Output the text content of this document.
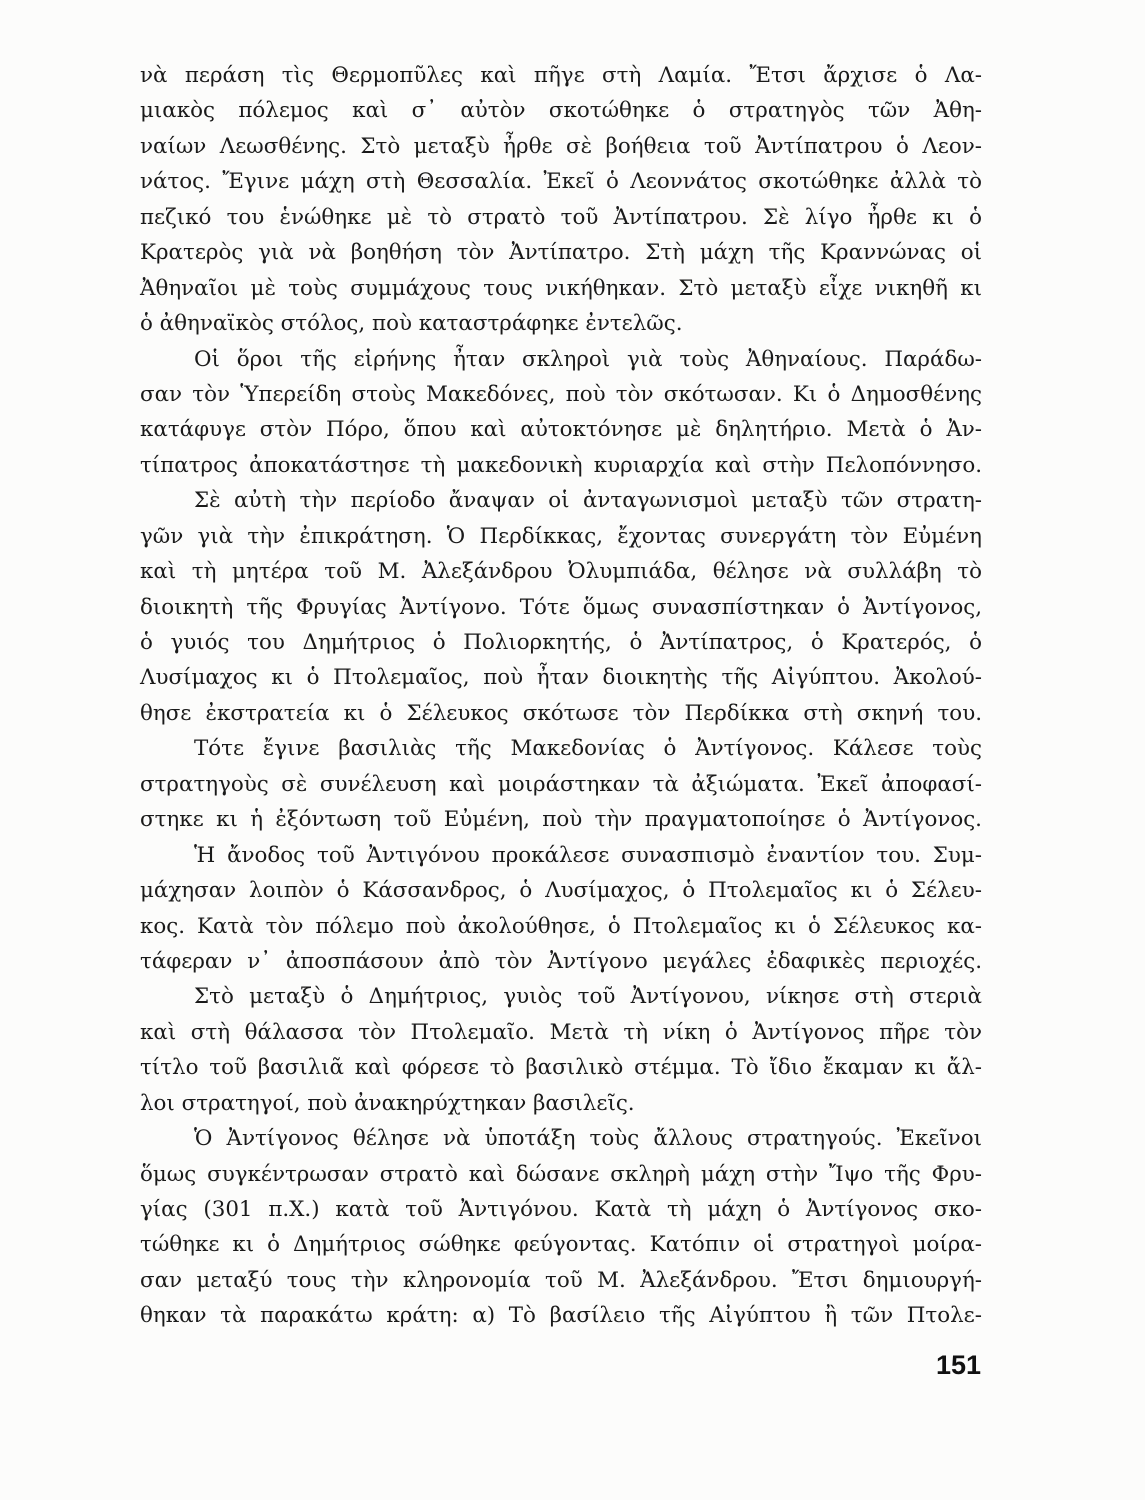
νὰ περάση τὶς Θερμοπῦλες καὶ πῆγε στὴ Λαμία. Ἔτσι ἄρχισε ὁ Λα-
μιακὸς πόλεμος καὶ σ᾽ αὐτὸν σκοτώθηκε ὁ στρατηγὸς τῶν Ἀθη-
ναίων Λεωσθένης. Στὸ μεταξὺ ἦρθε σὲ βοήθεια τοῦ Ἀντίπατρου ὁ Λεον-
νάτος. Ἔγινε μάχη στὴ Θεσσαλία. Ἐκεῖ ὁ Λεοννάτος σκοτώθηκε ἀλλὰ τὸ
πεζικό του ἑνώθηκε μὲ τὸ στρατὸ τοῦ Ἀντίπατρου. Σὲ λίγο ἦρθε κι ὁ
Κρατερὸς γιὰ νὰ βοηθήση τὸν Ἀντίπατρο. Στὴ μάχη τῆς Κραννώνας οἱ
Ἀθηναῖοι μὲ τοὺς συμμάχους τους νικήθηκαν. Στὸ μεταξὺ εἶχε νικηθῆ κι
ὁ ἀθηναϊκὸς στόλος, ποὺ καταστράφηκε ἐντελῶς.
Οἱ ὅροι τῆς εἰρήνης ἦταν σκληροὶ γιὰ τοὺς Ἀθηναίους. Παράδω-
σαν τὸν Ὑπερείδη στοὺς Μακεδόνες, ποὺ τὸν σκότωσαν. Κι ὁ Δημοσθένης
κατάφυγε στὸν Πόρο, ὅπου καὶ αὐτοκτόνησε μὲ δηλητήριο. Μετὰ ὁ Ἀν-
τίπατρος ἀποκατάστησε τὴ μακεδονικὴ κυριαρχία καὶ στὴν Πελοπόννησο.
Σὲ αὐτὴ τὴν περίοδο ἄναψαν οἱ ἀνταγωνισμοὶ μεταξὺ τῶν στρατη-
γῶν γιὰ τὴν ἐπικράτηση. Ὁ Περδίκκας, ἔχοντας συνεργάτη τὸν Εὐμένη
καὶ τὴ μητέρα τοῦ Μ. Ἀλεξάνδρου Ὀλυμπιάδα, θέλησε νὰ συλλάβη τὸ
διοικητὴ τῆς Φρυγίας Ἀντίγονο. Τότε ὅμως συνασπίστηκαν ὁ Ἀντίγονος,
ὁ γυιός του Δημήτριος ὁ Πολιορκητής, ὁ Ἀντίπατρος, ὁ Κρατερός, ὁ
Λυσίμαχος κι ὁ Πτολεμαῖος, ποὺ ἦταν διοικητὴς τῆς Αἰγύπτου. Ἀκολού-
θησε ἐκστρατεία κι ὁ Σέλευκος σκότωσε τὸν Περδίκκα στὴ σκηνή του.
Τότε ἔγινε βασιλιὰς τῆς Μακεδονίας ὁ Ἀντίγονος. Κάλεσε τοὺς
στρατηγοὺς σὲ συνέλευση καὶ μοιράστηκαν τὰ ἀξιώματα. Ἐκεῖ ἀποφασί-
στηκε κι ἡ ἐξόντωση τοῦ Εὐμένη, ποὺ τὴν πραγματοποίησε ὁ Ἀντίγονος.
Ἡ ἄνοδος τοῦ Ἀντιγόνου προκάλεσε συνασπισμὸ ἐναντίον του. Συμ-
μάχησαν λοιπὸν ὁ Κάσσανδρος, ὁ Λυσίμαχος, ὁ Πτολεμαῖος κι ὁ Σέλευ-
κος. Κατὰ τὸν πόλεμο ποὺ ἀκολούθησε, ὁ Πτολεμαῖος κι ὁ Σέλευκος κα-
τάφεραν ν᾽ ἀποσπάσουν ἀπὸ τὸν Ἀντίγονο μεγάλες ἐδαφικὲς περιοχές.
Στὸ μεταξὺ ὁ Δημήτριος, γυιὸς τοῦ Ἀντίγονου, νίκησε στὴ στεριὰ
καὶ στὴ θάλασσα τὸν Πτολεμαῖο. Μετὰ τὴ νίκη ὁ Ἀντίγονος πῆρε τὸν
τίτλο τοῦ βασιλιᾶ καὶ φόρεσε τὸ βασιλικὸ στέμμα. Τὸ ἴδιο ἔκαμαν κι ἄλ-
λοι στρατηγοί, ποὺ ἀνακηρύχτηκαν βασιλεῖς.
Ὁ Ἀντίγονος θέλησε νὰ ὑποτάξη τοὺς ἄλλους στρατηγούς. Ἐκεῖνοι
ὅμως συγκέντρωσαν στρατὸ καὶ δώσανε σκληρὴ μάχη στὴν Ἴψο τῆς Φρυ-
γίας (301 π.Χ.) κατὰ τοῦ Ἀντιγόνου. Κατὰ τὴ μάχη ὁ Ἀντίγονος σκο-
τώθηκε κι ὁ Δημήτριος σώθηκε φεύγοντας. Κατόπιν οἱ στρατηγοὶ μοίρα-
σαν μεταξύ τους τὴν κληρονομία τοῦ Μ. Ἀλεξάνδρου. Ἔτσι δημιουργή-
θηκαν τὰ παρακάτω κράτη: α) Τὸ βασίλειο τῆς Αἰγύπτου ἢ τῶν Πτολε-
151
